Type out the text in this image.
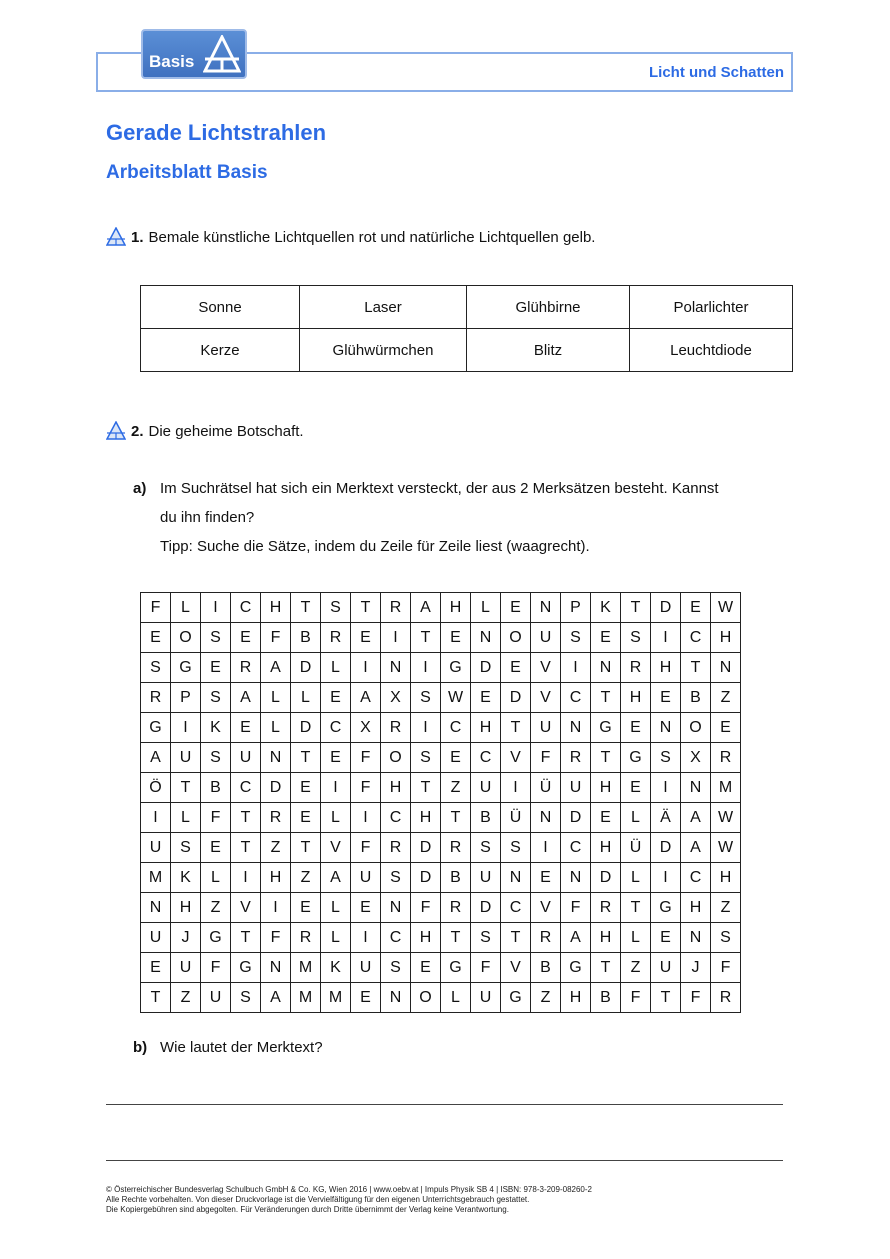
Basis
Licht und Schatten
Gerade Lichtstrahlen
Arbeitsblatt Basis
1. Bemale künstliche Lichtquellen rot und natürliche Lichtquellen gelb.
Sonne	Laser	Glühbirne	Polarlichter
Kerze	Glühwürmchen	Blitz	Leuchtdiode
2. Die geheime Botschaft.
a) Im Suchrätsel hat sich ein Merktext versteckt, der aus 2 Merksätzen besteht. Kannst
du ihn finden?
Tipp: Suche die Sätze, indem du Zeile für Zeile liest (waagrecht).
F	L	I	C	H	T	S	T	R	A	H	L	E	N	P	K	T	D	E	W
E	O	S	E	F	B	R	E	I	T	E	N	O	U	S	E	S	I	C	H
S	G	E	R	A	D	L	I	N	I	G	D	E	V	I	N	R	H	T	N
R	P	S	A	L	L	E	A	X	S	W	E	D	V	C	T	H	E	B	Z
G	I	K	E	L	D	C	X	R	I	C	H	T	U	N	G	E	N	O	E
A	U	S	U	N	T	E	F	O	S	E	C	V	F	R	T	G	S	X	R
Ö	T	B	C	D	E	I	F	H	T	Z	U	I	Ü	U	H	E	I	N	M
I	L	F	T	R	E	L	I	C	H	T	B	Ü	N	D	E	L	Ä	A	W
U	S	E	T	Z	T	V	F	R	D	R	S	S	I	C	H	Ü	D	A	W
M	K	L	I	H	Z	A	U	S	D	B	U	N	E	N	D	L	I	C	H
N	H	Z	V	I	E	L	E	N	F	R	D	C	V	F	R	T	G	H	Z
U	J	G	T	F	R	L	I	C	H	T	S	T	R	A	H	L	E	N	S
E	U	F	G	N	M	K	U	S	E	G	F	V	B	G	T	Z	U	J	F
T	Z	U	S	A	M	M	E	N	O	L	U	G	Z	H	B	F	T	F	R
b) Wie lautet der Merktext?
© Österreichischer Bundesverlag Schulbuch GmbH & Co. KG, Wien 2016 | www.oebv.at | Impuls Physik SB 4 | ISBN: 978-3-209-08260-2
Alle Rechte vorbehalten. Von dieser Druckvorlage ist die Vervielfältigung für den eigenen Unterrichtsgebrauch gestattet.
Die Kopiergebühren sind abgegolten. Für Veränderungen durch Dritte übernimmt der Verlag keine Verantwortung.
